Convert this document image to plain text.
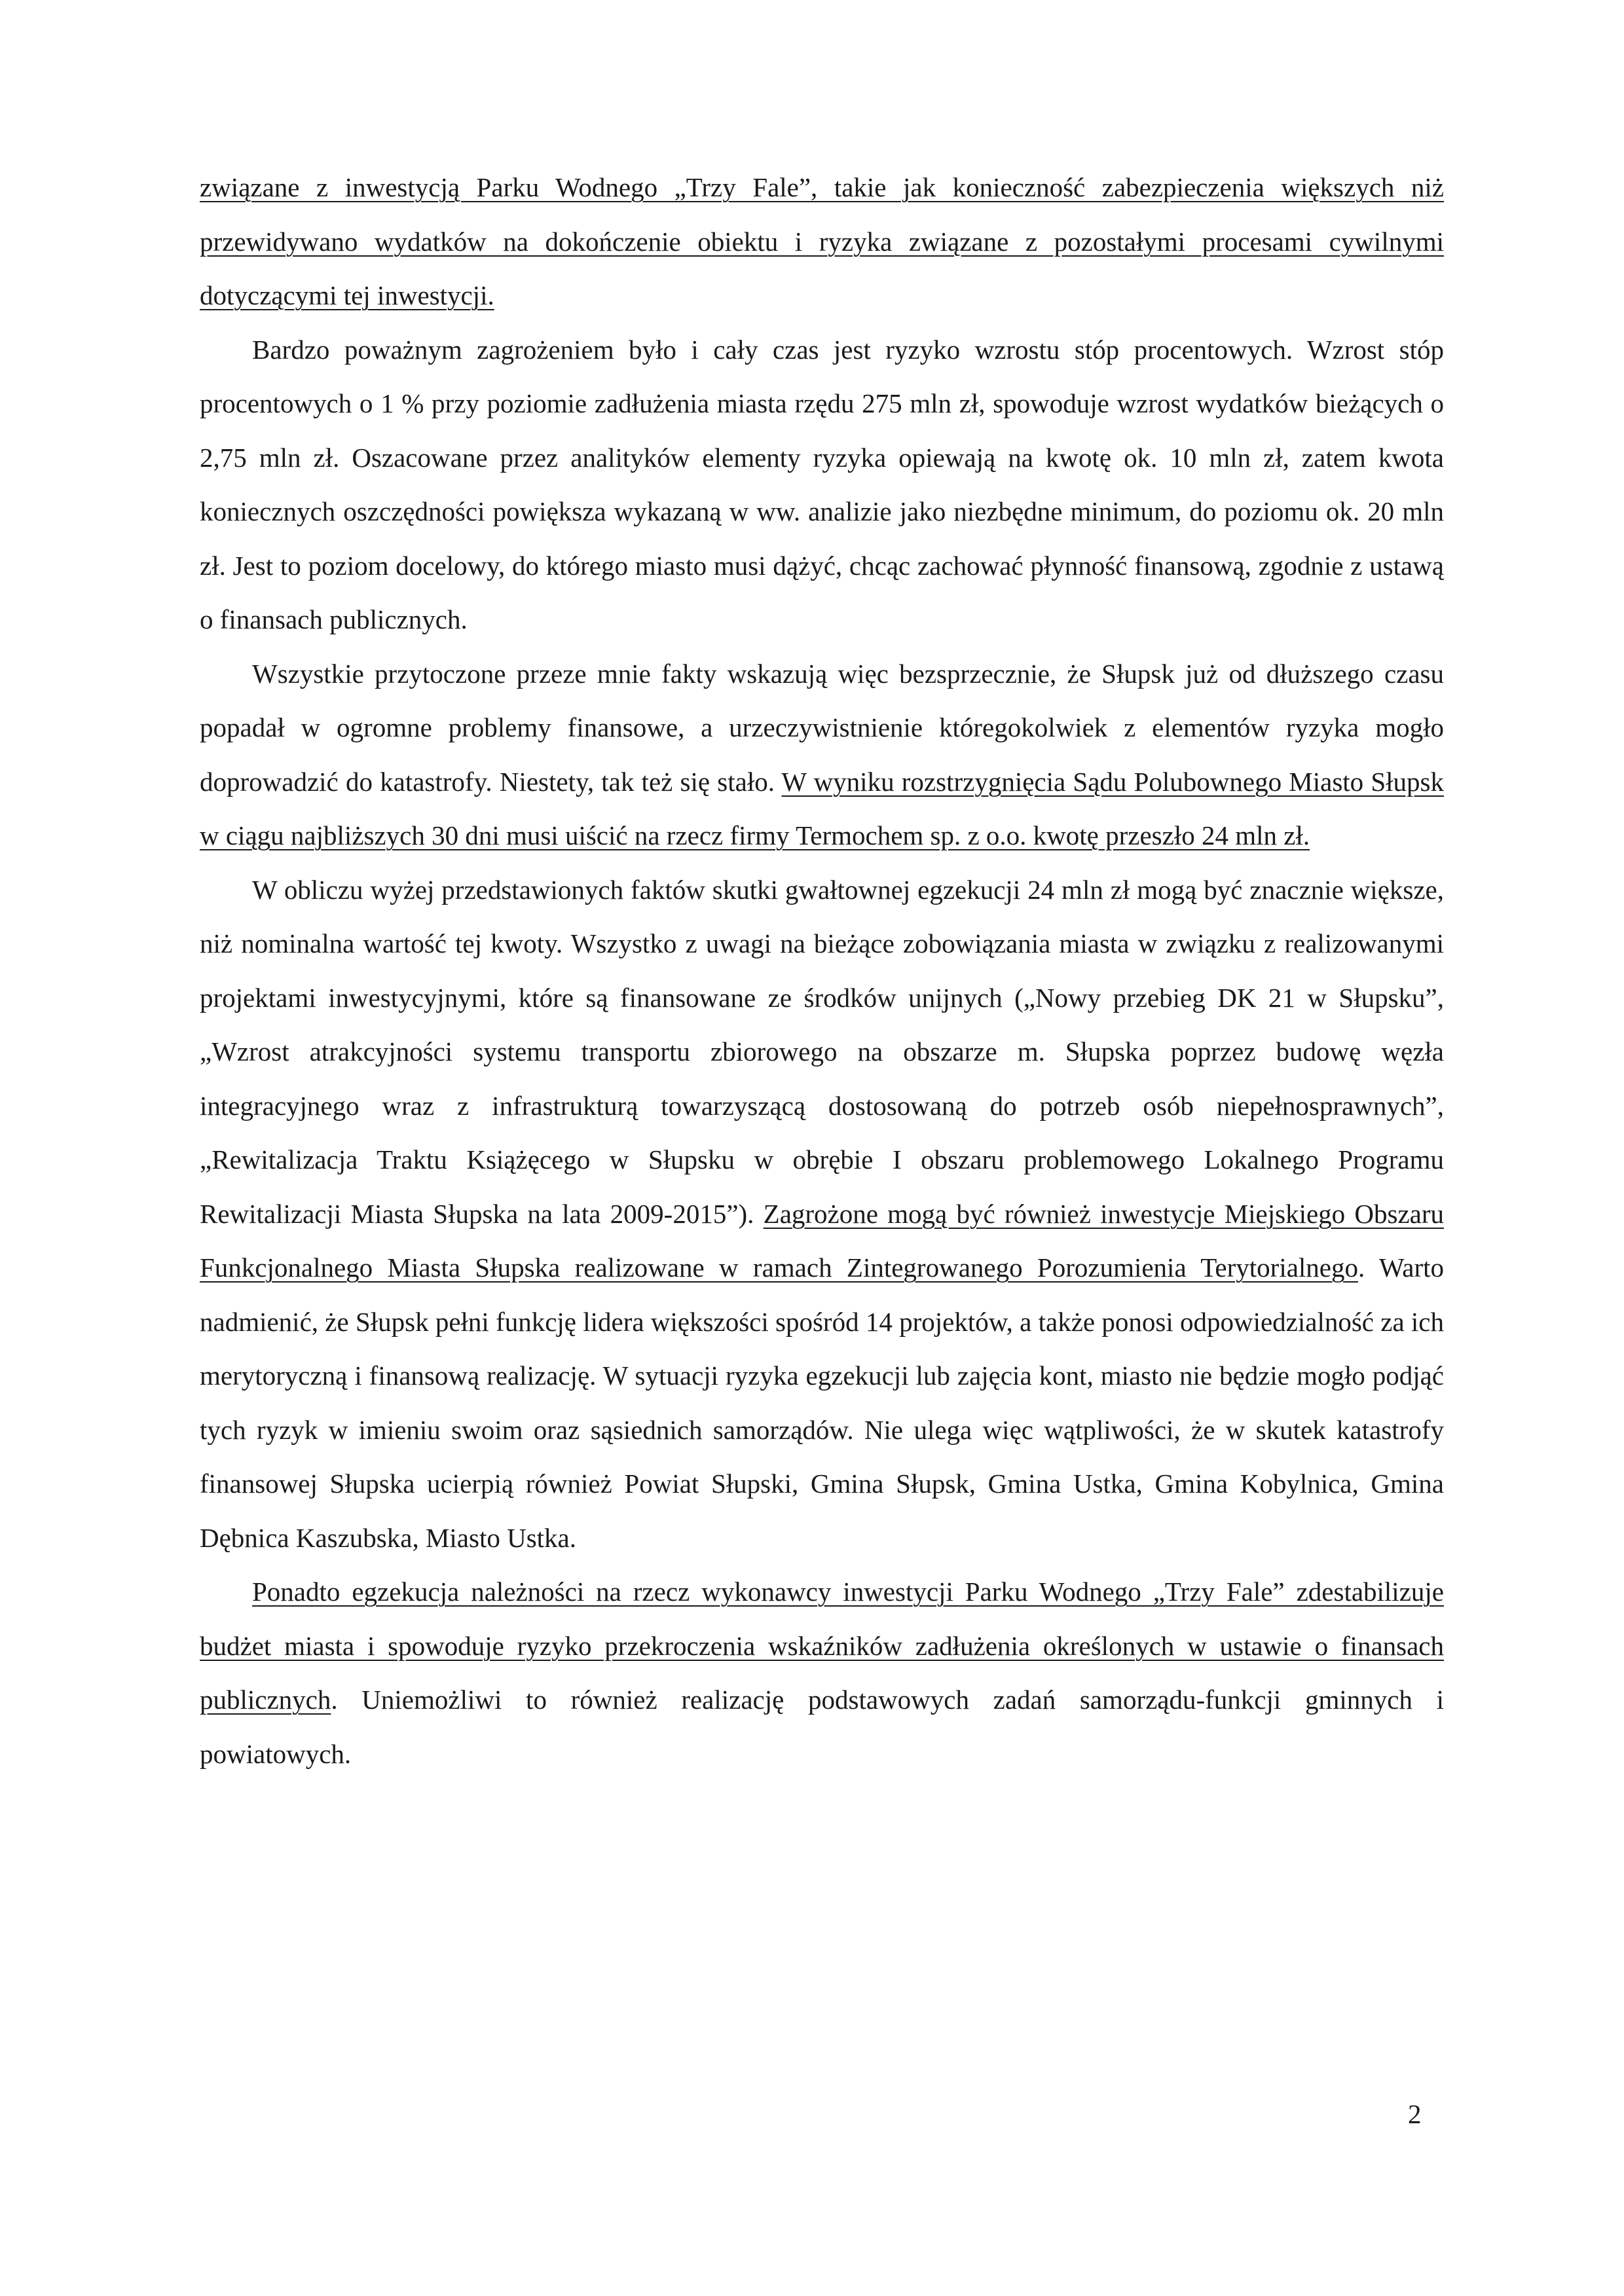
związane z inwestycją Parku Wodnego „Trzy Fale”, takie jak konieczność zabezpieczenia większych niż przewidywano wydatków na dokończenie obiektu i ryzyka związane z pozostałymi procesami cywilnymi dotyczącymi tej inwestycji.

Bardzo poważnym zagrożeniem było i cały czas jest ryzyko wzrostu stóp procentowych. Wzrost stóp procentowych o 1 % przy poziomie zadłużenia miasta rzędu 275 mln zł, spowoduje wzrost wydatków bieżących o 2,75 mln zł. Oszacowane przez analityków elementy ryzyka opiewają na kwotę ok. 10 mln zł, zatem kwota koniecznych oszczędności powiększa wykazaną w ww. analizie jako niezbędne minimum, do poziomu ok. 20 mln zł. Jest to poziom docelowy, do którego miasto musi dążyć, chcąc zachować płynność finansową, zgodnie z ustawą o finansach publicznych.

Wszystkie przytoczone przeze mnie fakty wskazują więc bezsprzecznie, że Słupsk już od dłuższego czasu popadał w ogromne problemy finansowe, a urzeczywistnienie któregokolwiek z elementów ryzyka mogło doprowadzić do katastrofy. Niestety, tak też się stało. W wyniku rozstrzygnięcia Sądu Polubownego Miasto Słupsk w ciągu najbliższych 30 dni musi uiścić na rzecz firmy Termochem sp. z o.o. kwotę przeszło 24 mln zł.

W obliczu wyżej przedstawionych faktów skutki gwałtownej egzekucji 24 mln zł mogą być znacznie większe, niż nominalna wartość tej kwoty. Wszystko z uwagi na bieżące zobowiązania miasta w związku z realizowanymi projektami inwestycyjnymi, które są finansowane ze środków unijnych („Nowy przebieg DK 21 w Słupsku”, „Wzrost atrakcyjności systemu transportu zbiorowego na obszarze m. Słupska poprzez budowę węzła integracyjnego wraz z infrastrukturą towarzyszącą dostosowaną do potrzeb osób niepełnosprawnych”, „Rewitalizacja Traktu Książęcego w Słupsku w obrębie I obszaru problemowego Lokalnego Programu Rewitalizacji Miasta Słupska na lata 2009-2015”). Zagrożone mogą być również inwestycje Miejskiego Obszaru Funkcjonalnego Miasta Słupska realizowane w ramach Zintegrowanego Porozumienia Terytorialnego. Warto nadmienić, że Słupsk pełni funkcję lidera większości spośród 14 projektów, a także ponosi odpowiedzialność za ich merytoryczną i finansową realizację. W sytuacji ryzyka egzekucji lub zajęcia kont, miasto nie będzie mogło podjąć tych ryzyk w imieniu swoim oraz sąsiednich samorządów. Nie ulega więc wątpliwości, że w skutek katastrofy finansowej Słupska ucierpią również Powiat Słupski, Gmina Słupsk, Gmina Ustka, Gmina Kobylnica, Gmina Dębnica Kaszubska, Miasto Ustka.

Ponadto egzekucja należności na rzecz wykonawcy inwestycji Parku Wodnego „Trzy Fale” zdestabilizuje budżet miasta i spowoduje ryzyko przekroczenia wskaźników zadłużenia określonych w ustawie o finansach publicznych. Uniemożliwi to również realizację podstawowych zadań samorządu-funkcji gminnych i powiatowych.

2
